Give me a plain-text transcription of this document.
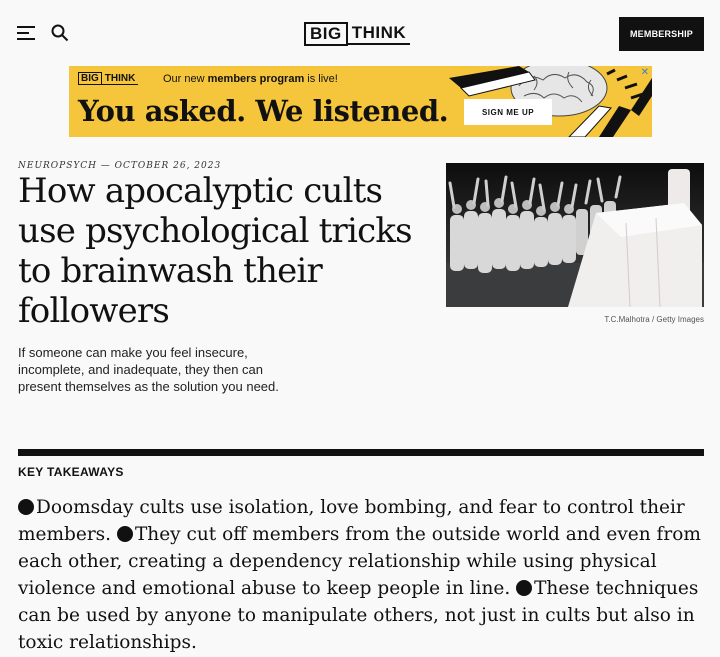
BIG THINK	MEMBERSHIP
BIG THINK	Our new members program is live!
You asked. We listened.	SIGN ME UP
✕
NEUROPSYCH — OCTOBER 26, 2023
How apocalyptic cults use psychological tricks to brainwash their followers

If someone can make you feel insecure, incomplete, and inadequate, they then can present themselves as the solution you need.

T.C.Malhotra / Getty Images
KEY TAKEAWAYS
Doomsday cults use isolation, love bombing, and fear to control their members. They cut off members from the outside world and even from each other, creating a dependency relationship while using physical violence and emotional abuse to keep people in line. These techniques can be used by anyone to manipulate others, not just in cults but also in toxic relationships.
